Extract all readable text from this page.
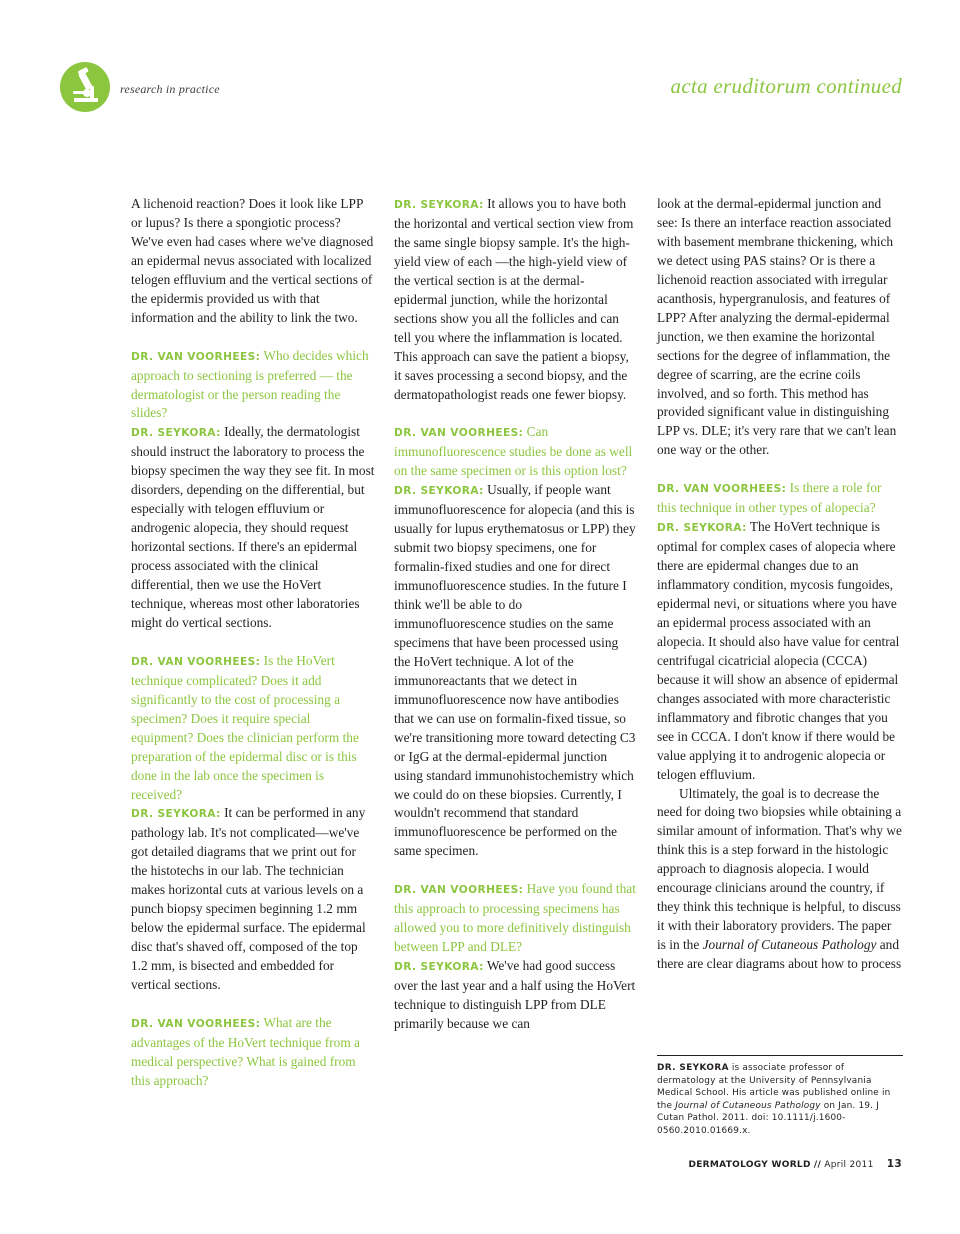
research in practice	acta eruditorum continued

A lichenoid reaction? Does it look like LPP or lupus? Is there a spongiotic process? We've even had cases where we've diagnosed an epidermal nevus associated with localized telogen effluvium and the vertical sections of the epidermis provided us with that information and the ability to link the two.

DR. VAN VOORHEES: Who decides which approach to sectioning is preferred — the dermatologist or the person reading the slides?

DR. SEYKORA: Ideally, the dermatologist should instruct the laboratory to process the biopsy specimen the way they see fit. In most disorders, depending on the differential, but especially with telogen effluvium or androgenic alopecia, they should request horizontal sections. If there's an epidermal process associated with the clinical differential, then we use the HoVert technique, whereas most other laboratories might do vertical sections.

DR. VAN VOORHEES: Is the HoVert technique complicated? Does it add significantly to the cost of processing a specimen? Does it require special equipment? Does the clinician perform the preparation of the epidermal disc or is this done in the lab once the specimen is received?

DR. SEYKORA: It can be performed in any pathology lab. It's not complicated—we've got detailed diagrams that we print out for the histotechs in our lab. The technician makes horizontal cuts at various levels on a punch biopsy specimen beginning 1.2 mm below the epidermal surface. The epidermal disc that's shaved off, composed of the top 1.2 mm, is bisected and embedded for vertical sections.

DR. VAN VOORHEES: What are the advantages of the HoVert technique from a medical perspective? What is gained from this approach?

DR. SEYKORA: It allows you to have both the horizontal and vertical section view from the same single biopsy sample. It's the high-yield view of each —the high-yield view of the vertical section is at the dermal-epidermal junction, while the horizontal sections show you all the follicles and can tell you where the inflammation is located. This approach can save the patient a biopsy, it saves processing a second biopsy, and the dermatopathologist reads one fewer biopsy.

DR. VAN VOORHEES: Can immunofluorescence studies be done as well on the same specimen or is this option lost?

DR. SEYKORA: Usually, if people want immunofluorescence for alopecia (and this is usually for lupus erythematosus or LPP) they submit two biopsy specimens, one for formalin-fixed studies and one for direct immunofluorescence studies. In the future I think we'll be able to do immunofluorescence studies on the same specimens that have been processed using the HoVert technique. A lot of the immunoreactants that we detect in immunofluorescence now have antibodies that we can use on formalin-fixed tissue, so we're transitioning more toward detecting C3 or IgG at the dermal-epidermal junction using standard immunohistochemistry which we could do on these biopsies. Currently, I wouldn't recommend that standard immunofluorescence be performed on the same specimen.

DR. VAN VOORHEES: Have you found that this approach to processing specimens has allowed you to more definitively distinguish between LPP and DLE?

DR. SEYKORA: We've had good success over the last year and a half using the HoVert technique to distinguish LPP from DLE primarily because we can

look at the dermal-epidermal junction and see: Is there an interface reaction associated with basement membrane thickening, which we detect using PAS stains? Or is there a lichenoid reaction associated with irregular acanthosis, hypergranulosis, and features of LPP? After analyzing the dermal-epidermal junction, we then examine the horizontal sections for the degree of inflammation, the degree of scarring, are the ecrine coils involved, and so forth. This method has provided significant value in distinguishing LPP vs. DLE; it's very rare that we can't lean one way or the other.

DR. VAN VOORHEES: Is there a role for this technique in other types of alopecia?

DR. SEYKORA: The HoVert technique is optimal for complex cases of alopecia where there are epidermal changes due to an inflammatory condition, mycosis fungoides, epidermal nevi, or situations where you have an epidermal process associated with an alopecia. It should also have value for central centrifugal cicatricial alopecia (CCCA) because it will show an absence of epidermal changes associated with more characteristic inflammatory and fibrotic changes that you see in CCCA. I don't know if there would be value applying it to androgenic alopecia or telogen effluvium.

Ultimately, the goal is to decrease the need for doing two biopsies while obtaining a similar amount of information. That's why we think this is a step forward in the histologic approach to diagnosis alopecia. I would encourage clinicians around the country, if they think this technique is helpful, to discuss it with their laboratory providers. The paper is in the Journal of Cutaneous Pathology and there are clear diagrams about how to process

DR. SEYKORA is associate professor of dermatology at the University of Pennsylvania Medical School. His article was published online in the Journal of Cutaneous Pathology on Jan. 19. J Cutan Pathol. 2011. doi: 10.1111/j.1600-0560.2010.01669.x.
DERMATOLOGY WORLD // April 2011 13
